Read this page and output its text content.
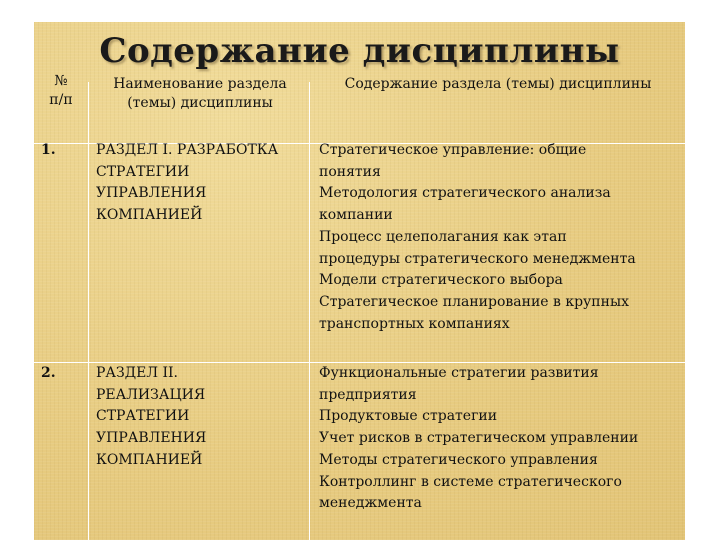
Содержание дисциплины
№
п/п
Наименование раздела
(темы) дисциплины
Содержание раздела (темы) дисциплины
1.	РАЗДЕЛ I. РАЗРАБОТКА
СТРАТЕГИИ
УПРАВЛЕНИЯ
КОМПАНИЕЙ
Стратегическое управление: общие
понятия
Методология стратегического анализа
компании
Процесс целеполагания как этап
процедуры стратегического менеджмента
Модели стратегического выбора
Стратегическое планирование в крупных
транспортных компаниях
2.	РАЗДЕЛ II.
РЕАЛИЗАЦИЯ
СТРАТЕГИИ
УПРАВЛЕНИЯ
КОМПАНИЕЙ
Функциональные стратегии развития
предприятия
Продуктовые стратегии
Учет рисков в стратегическом управлении
Методы стратегического управления
Контроллинг в системе стратегического
менеджмента
